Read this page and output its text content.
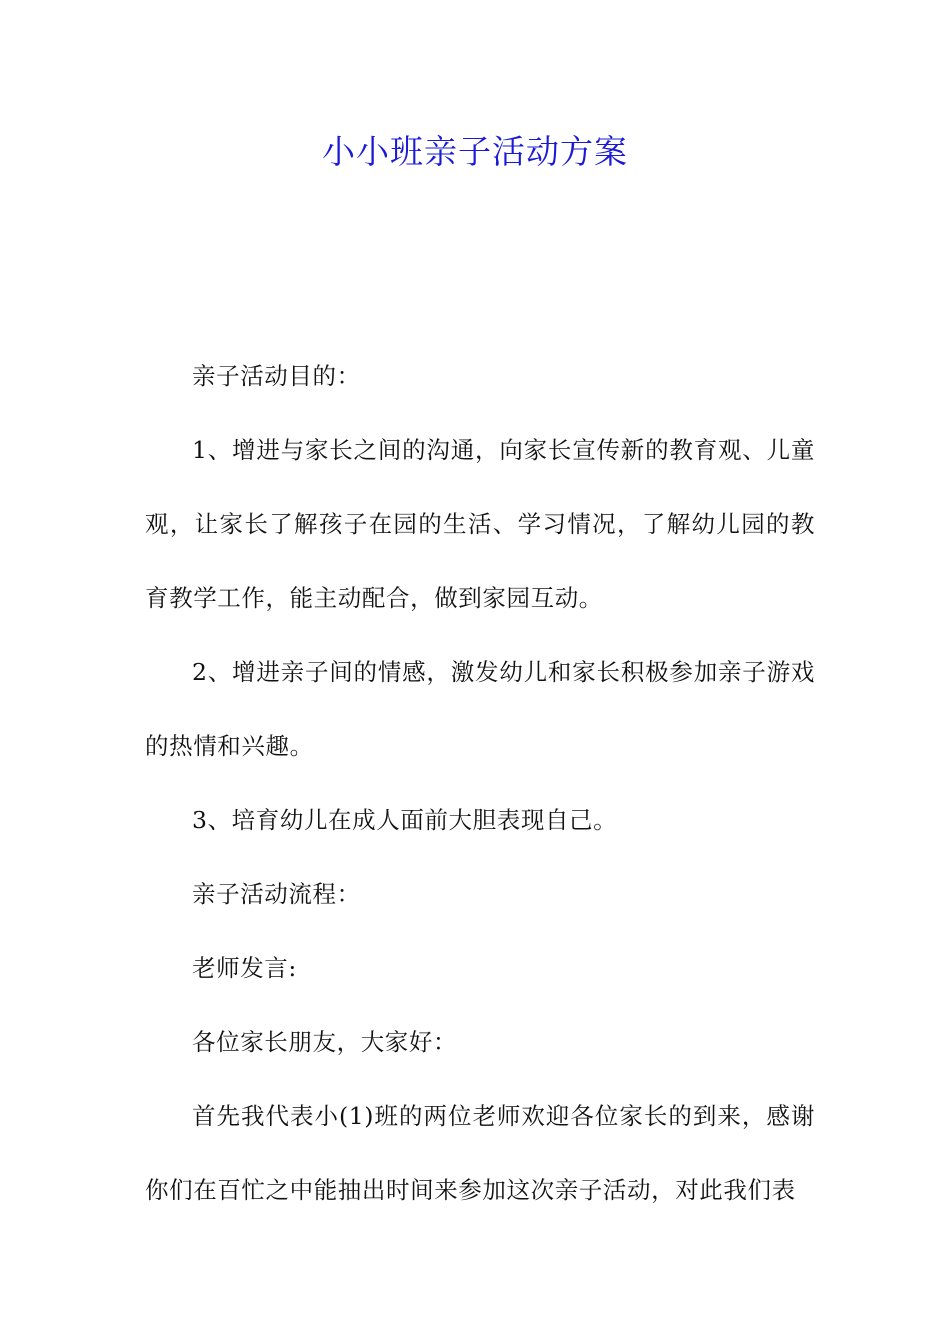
小小班亲子活动方案

亲子活动目的：

1、增进与家长之间的沟通，向家长宣传新的教育观、儿童观，让家长了解孩子在园的生活、学习情况，了解幼儿园的教育教学工作，能主动配合，做到家园互动。

2、增进亲子间的情感，激发幼儿和家长积极参加亲子游戏的热情和兴趣。

3、培育幼儿在成人面前大胆表现自己。

亲子活动流程：

老师发言:

各位家长朋友，大家好：

首先我代表小(1)班的两位老师欢迎各位家长的到来，感谢你们在百忙之中能抽出时间来参加这次亲子活动，对此我们表
